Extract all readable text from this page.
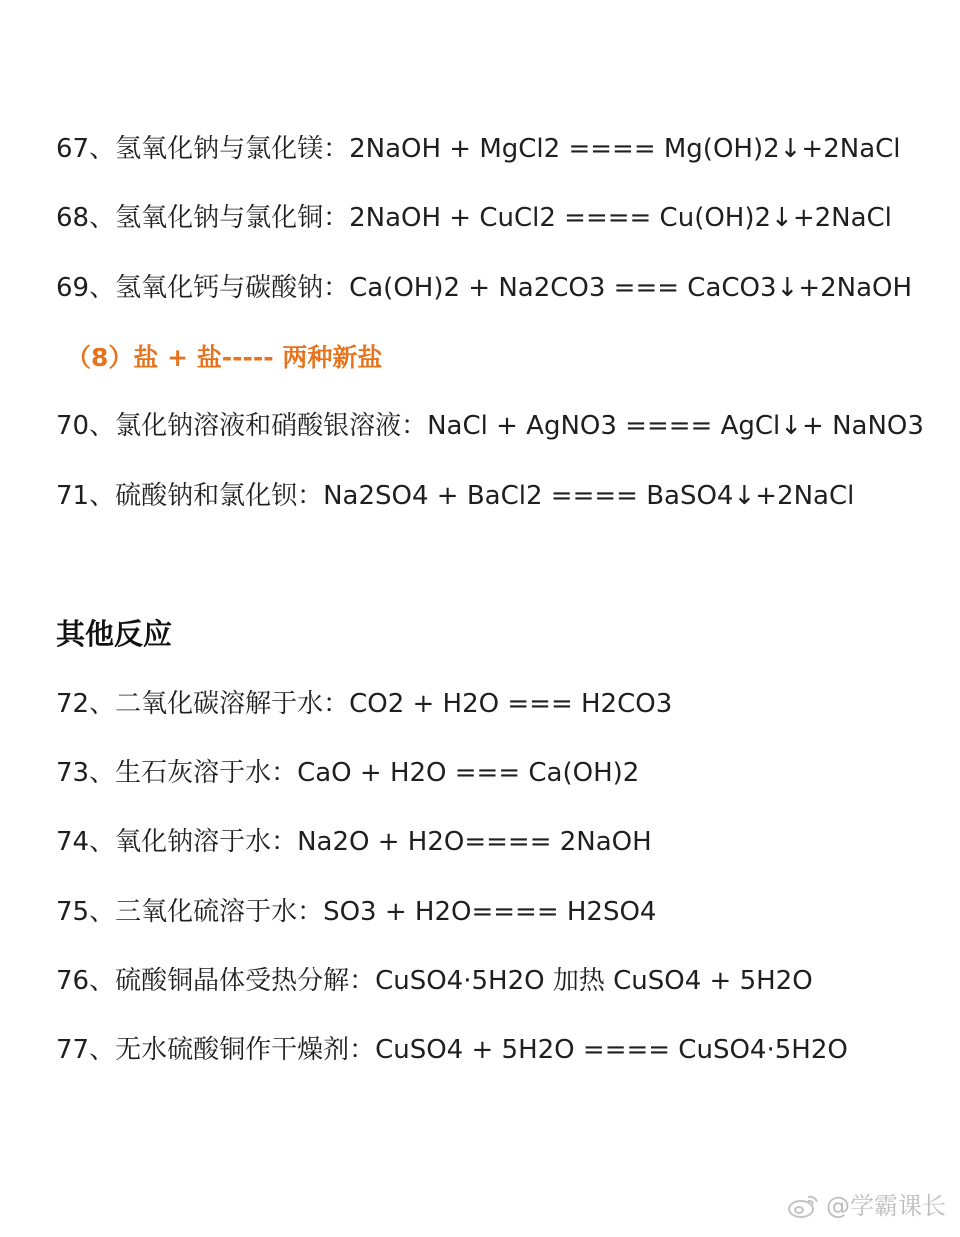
67、氢氧化钠与氯化镁：2NaOH + MgCl2 ==== Mg(OH)2↓+2NaCl
68、氢氧化钠与氯化铜：2NaOH + CuCl2 ==== Cu(OH)2↓+2NaCl
69、氢氧化钙与碳酸钠：Ca(OH)2 + Na2CO3 === CaCO3↓+2NaOH
（8）盐 + 盐----- 两种新盐
70、氯化钠溶液和硝酸银溶液：NaCl + AgNO3 ==== AgCl↓+ NaNO3
71、硫酸钠和氯化钡：Na2SO4 + BaCl2 ==== BaSO4↓+2NaCl
其他反应
72、二氧化碳溶解于水：CO2 + H2O === H2CO3
73、生石灰溶于水：CaO + H2O === Ca(OH)2
74、氧化钠溶于水：Na2O + H2O==== 2NaOH
75、三氧化硫溶于水：SO3 + H2O==== H2SO4
76、硫酸铜晶体受热分解：CuSO4·5H2O 加热 CuSO4 + 5H2O
77、无水硫酸铜作干燥剂：CuSO4 + 5H2O ==== CuSO4·5H2O
@学霸课长
